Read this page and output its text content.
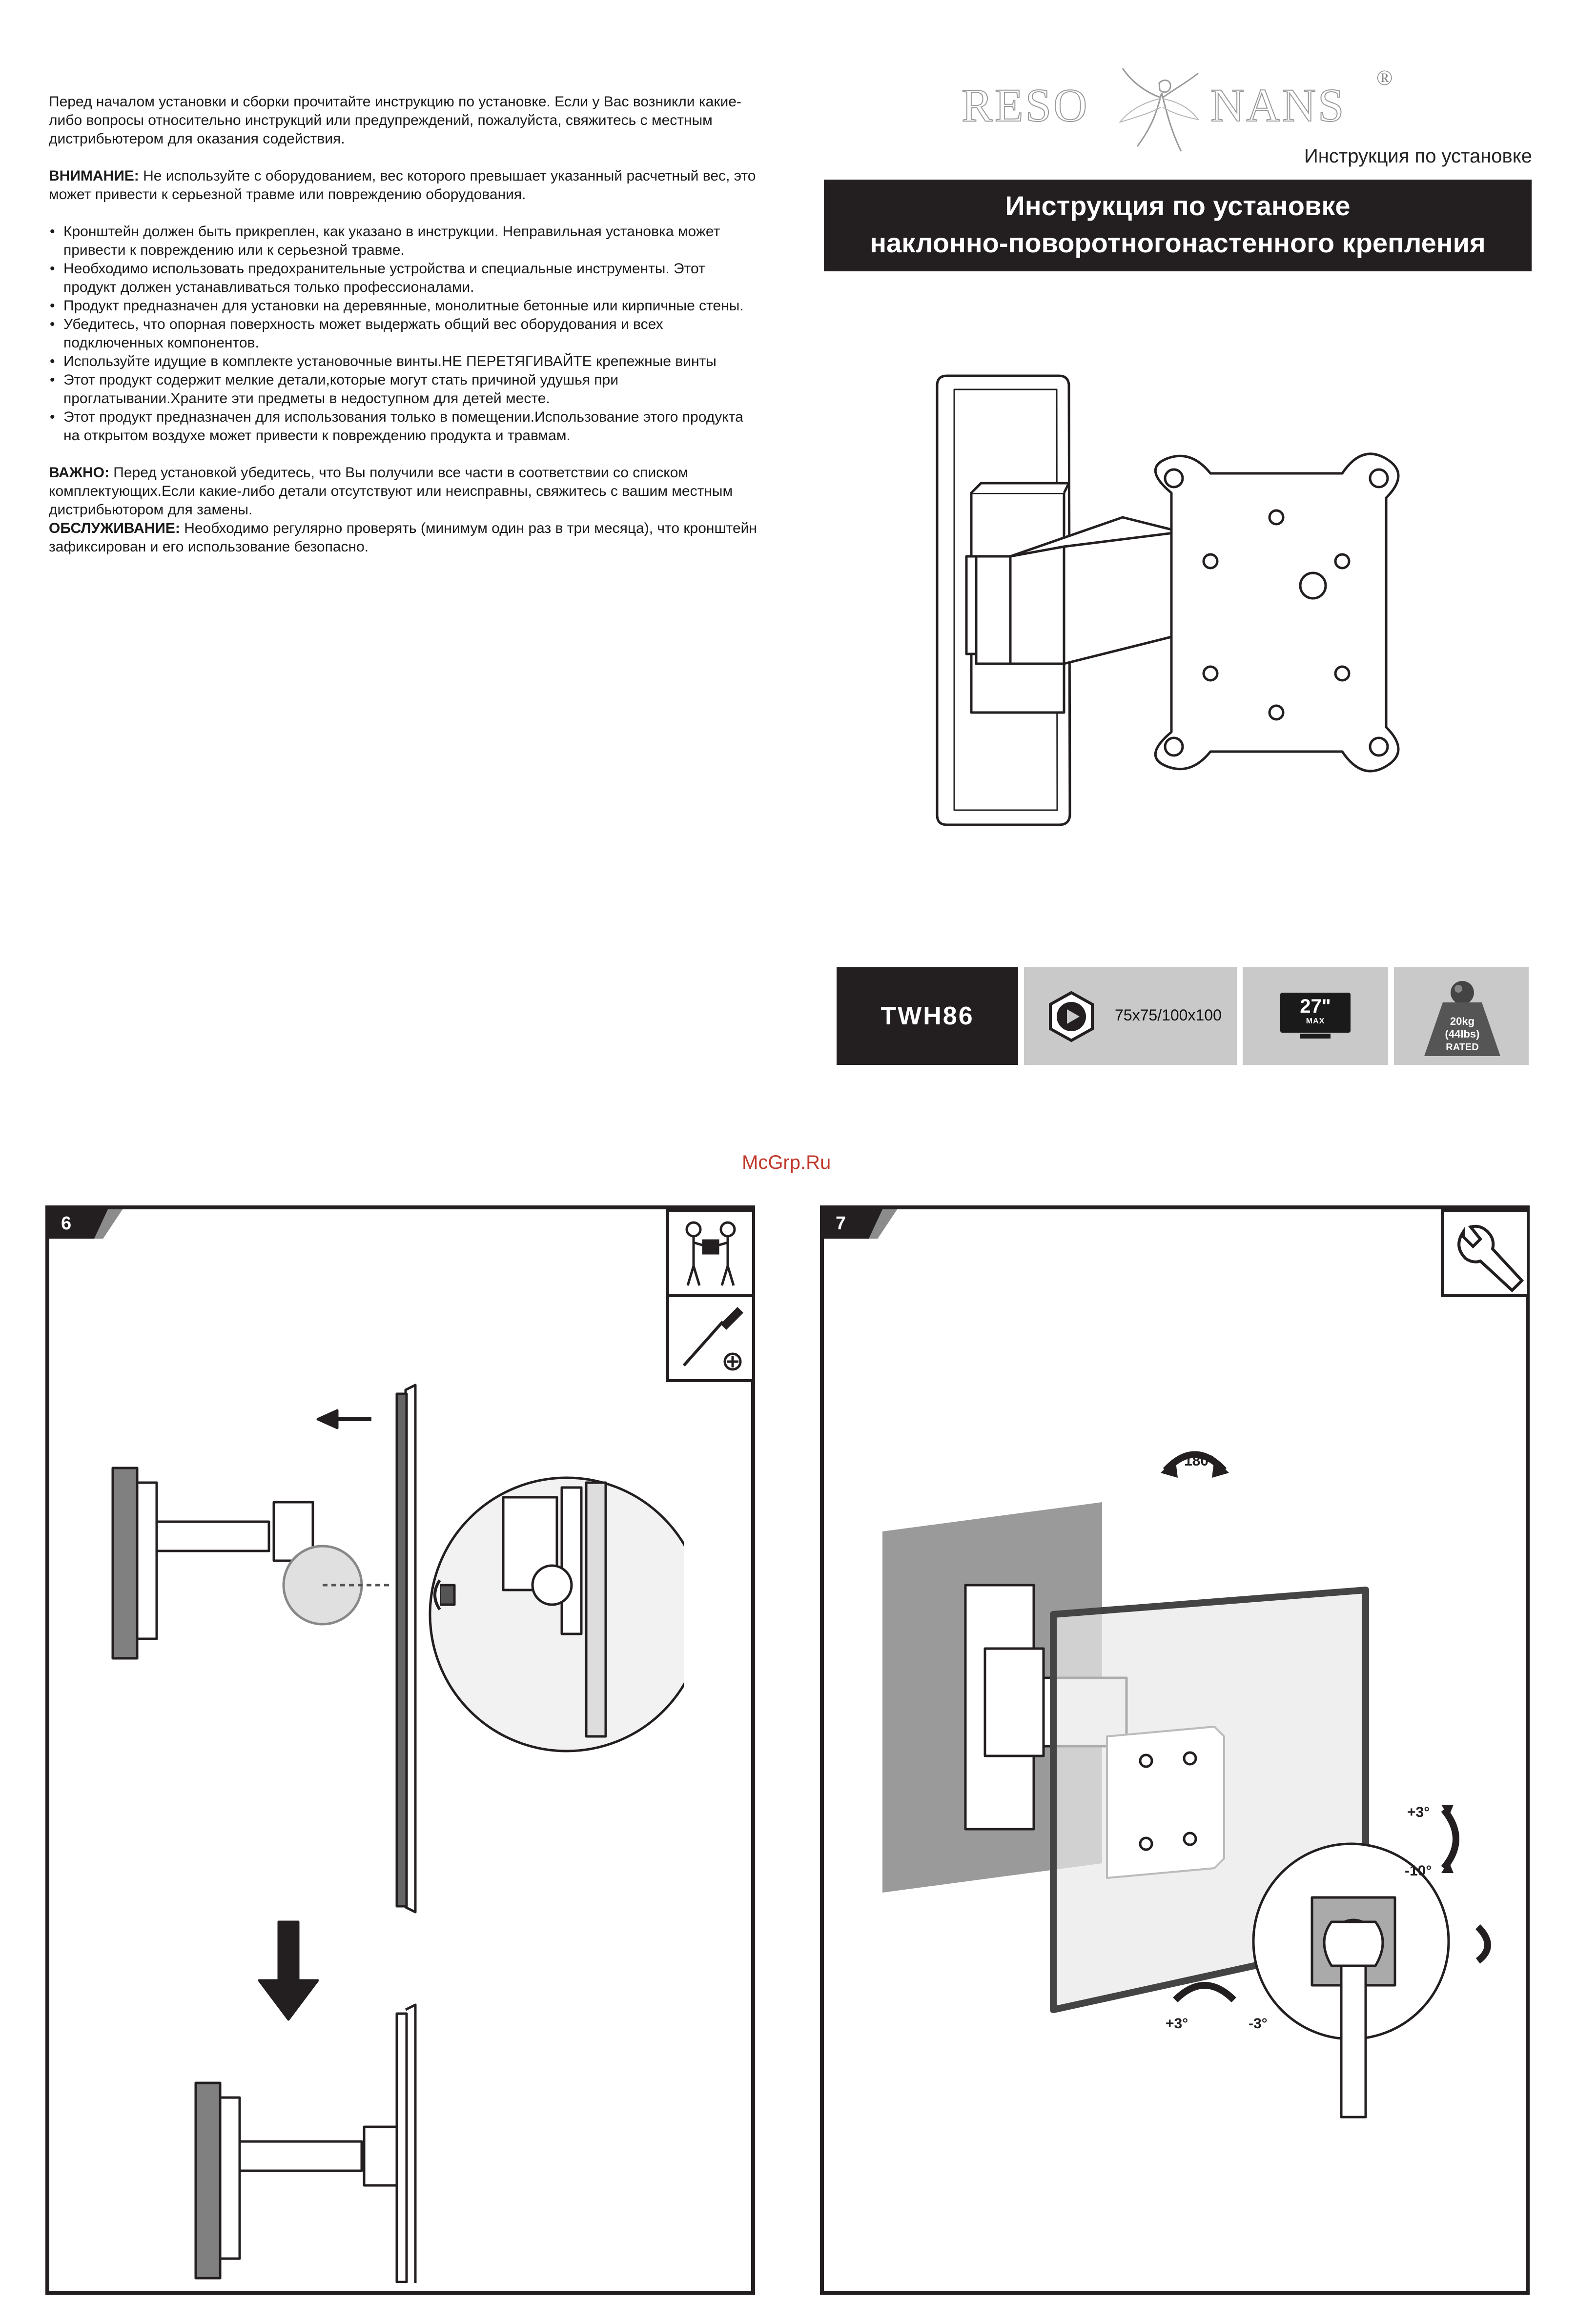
Перед началом установки и сборки прочитайте инструкцию по установке. Если у Вас возникли какие-либо вопросы относительно инструкций или предупреждений, пожалуйста, свяжитесь с местным дистрибьютером для оказания содействия.

ВНИМАНИЕ: Не используйте с оборудованием, вес которого превышает указанный расчетный вес, это может привести к серьезной травме или повреждению оборудования.

• Кронштейн должен быть прикреплен, как указано в инструкции. Неправильная установка может привести к повреждению или к серьезной травме.
• Необходимо использовать предохранительные устройства и специальные инструменты. Этот продукт должен устанавливаться только профессионалами.
• Продукт предназначен для установки на деревянные, монолитные бетонные или кирпичные стены.
• Убедитесь, что опорная поверхность может выдержать общий вес оборудования и всех подключенных компонентов.
• Используйте идущие в комплекте установочные винты.НЕ ПЕРЕТЯГИВАЙТЕ крепежные винты
• Этот продукт содержит мелкие детали,которые могут стать причиной удушья при проглатывании.Храните эти предметы в недоступном для детей месте.
• Этот продукт предназначен для использования только в помещении.Использование этого продукта на открытом воздухе может привести к повреждению продукта и травмам.

ВАЖНО: Перед установкой убедитесь, что Вы получили все части в соответствии со списком комплектующих.Если какие-либо детали отсутствуют или неисправны, свяжитесь с вашим местным дистрибьютором для замены.

ОБСЛУЖИВАНИЕ: Необходимо регулярно проверять (минимум один раз в три месяца), что кронштейн зафиксирован и его использование безопасно.

RESO	NANS
®
Инструкция по установке
Инструкция по установке
наклонно-поворотногонастенного крепления
TWH86	75x75/100x100	27"
MAX	20kg
(44lbs)
RATED
McGrp.Ru
6	7
180°
+3°
-10°
+3°	-3°
